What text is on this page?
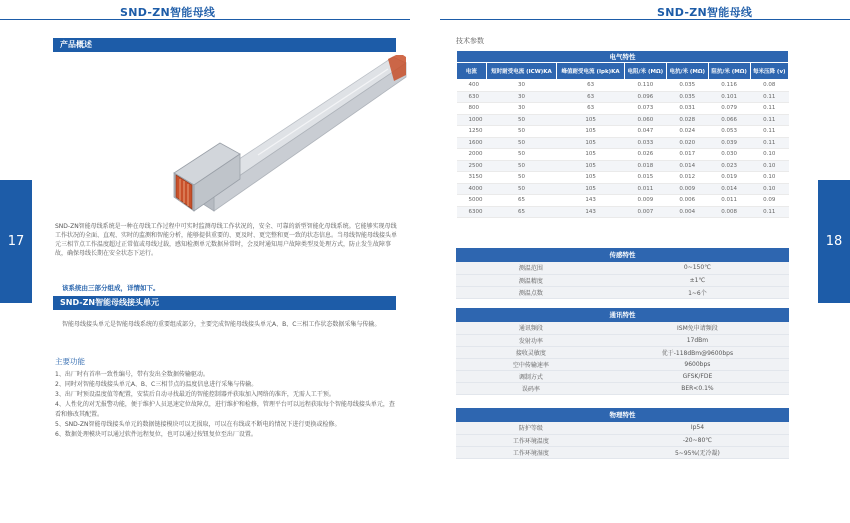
SND-ZN智能母线	SND-ZN智能母线
17	18
产品概述
SND-ZN智能母线系统是一种在母线工作过程中可实时监测母线工作状况的，安全、可靠的新型智能化母线系统。它能够实现母线工作状况的全面、直观、实时的监测和智能分析，能够提供重要的、更及时、更完整和更一致的状态信息。当母线智能母线接头单元三相节点工作温度超过正常值或母线过载，感知检测单元数据异常时，会及时通知用户故障类型及处理方式，防止发生故障事故，确保母线长期在安全状态下运行。
该系统由三部分组成，详情如下。
SND-ZN智能母线接头单元
智能母线接头单元是智能母线系统的重要组成部分，主要完成智能母线接头单元A、B、C三相工作状态数据采集与传输。
主要功能
1、出厂时有首串一致性编号，带有发出全数据传输驱动。
2、同时对智能母线接头单元A、B、C三相节点的温度信息进行采集与传输。
3、出厂时预设温度值等配置，安装后自动寻找最近的智能控制器并获取加入网络的准许，无需人工干预。
4、人性化的对无报警功能，便于维护人员迅速定位故障点，进行维护和检修，管理平台可以远程获取每个智能母线接头单元，查看和修改其配置。
5、SND-ZN智能母线接头单元的数据链接模块可以无损取，可以在有线或不断电的情况下进行更换或检修。
6、数据处理模块可以通过软件远程复位，也可以通过按钮复位至出厂设置。
技术参数
电气特性						
电流	短时耐受电流 (ICW)KA	峰值耐受电流 (Ipk)KA	电阻/米 (MΩ)	电抗/米 (MΩ)	阻抗/米 (MΩ)	每米压降 (v)
400	30	63	0.110	0.035	0.116	0.08
630	30	63	0.096	0.035	0.101	0.11
800	30	63	0.073	0.031	0.079	0.11
1000	50	105	0.060	0.028	0.066	0.11
1250	50	105	0.047	0.024	0.053	0.11
1600	50	105	0.033	0.020	0.039	0.11
2000	50	105	0.026	0.017	0.030	0.10
2500	50	105	0.018	0.014	0.023	0.10
3150	50	105	0.015	0.012	0.019	0.10
4000	50	105	0.011	0.009	0.014	0.10
5000	65	143	0.009	0.006	0.011	0.09
6300	65	143	0.007	0.004	0.008	0.11
传感特性
测温范围	0~150℃
测温精度	±1℃
测温点数	1~6个
通讯特性
通讯频段	ISM免申请频段
发射功率	17dBm
接收灵敏度	优于-118dBm@9600bps
空中传输速率	9600bps
调制方式	GFSK/FDE
误码率	BER<0.1%
物理特性
防护等级	Ip54
工作环境温度	-20~80℃
工作环境湿度	5~95%(无冷凝)
